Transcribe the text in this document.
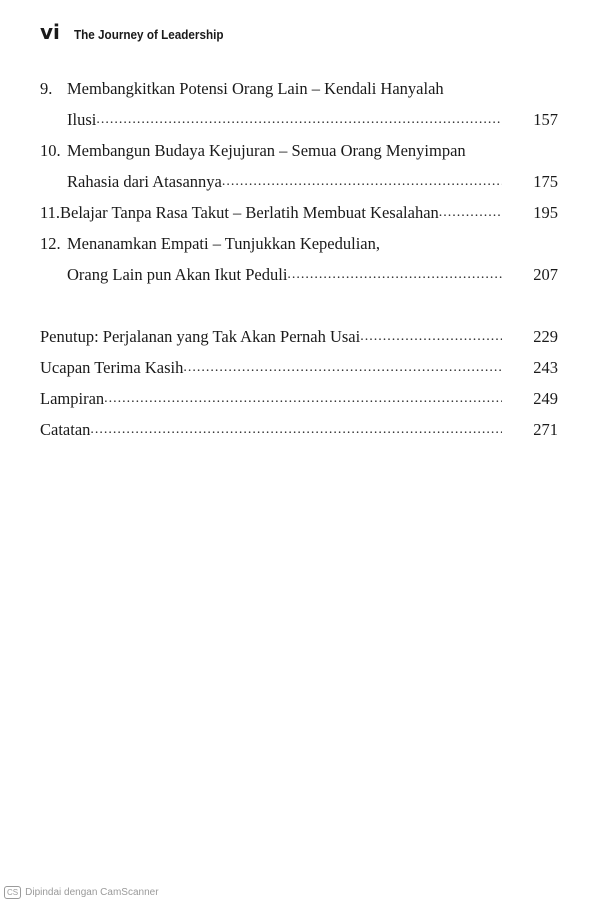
vi The Journey of Leadership
9. Membangkitkan Potensi Orang Lain – Kendali Hanyalah
Ilusi .....	157
10. Membangun Budaya Kejujuran – Semua Orang Menyimpan
Rahasia dari Atasannya .....	175
11. Belajar Tanpa Rasa Takut – Berlatih Membuat Kesalahan .....	195
12. Menanamkan Empati – Tunjukkan Kepedulian,
Orang Lain pun Akan Ikut Peduli .....	207
Penutup: Perjalanan yang Tak Akan Pernah Usai .....	229
Ucapan Terima Kasih .....	243
Lampiran .....	249
Catatan .....	271
CS Dipindai dengan CamScanner
